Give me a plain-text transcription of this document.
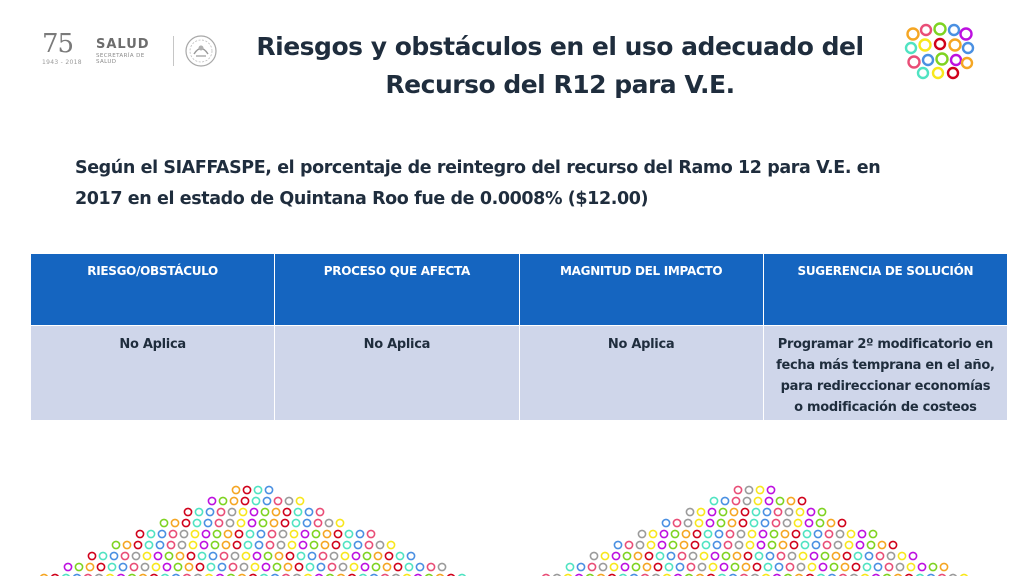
75
1943 - 2018
SALUD
SECRETARÍA DE SALUD
Riesgos y obstáculos en el uso adecuado del
Recurso del R12 para V.E.
Según el SIAFFASPE, el porcentaje de reintegro del recurso del Ramo 12 para V.E. en
2017 en el estado de Quintana Roo fue de 0.0008% ($12.00)
RIESGO/OBSTÁCULO	PROCESO QUE AFECTA	MAGNITUD DEL IMPACTO	SUGERENCIA DE SOLUCIÓN
No Aplica	No Aplica	No Aplica	Programar 2º modificatorio en fecha más temprana en el año, para redireccionar economías o modificación de costeos
